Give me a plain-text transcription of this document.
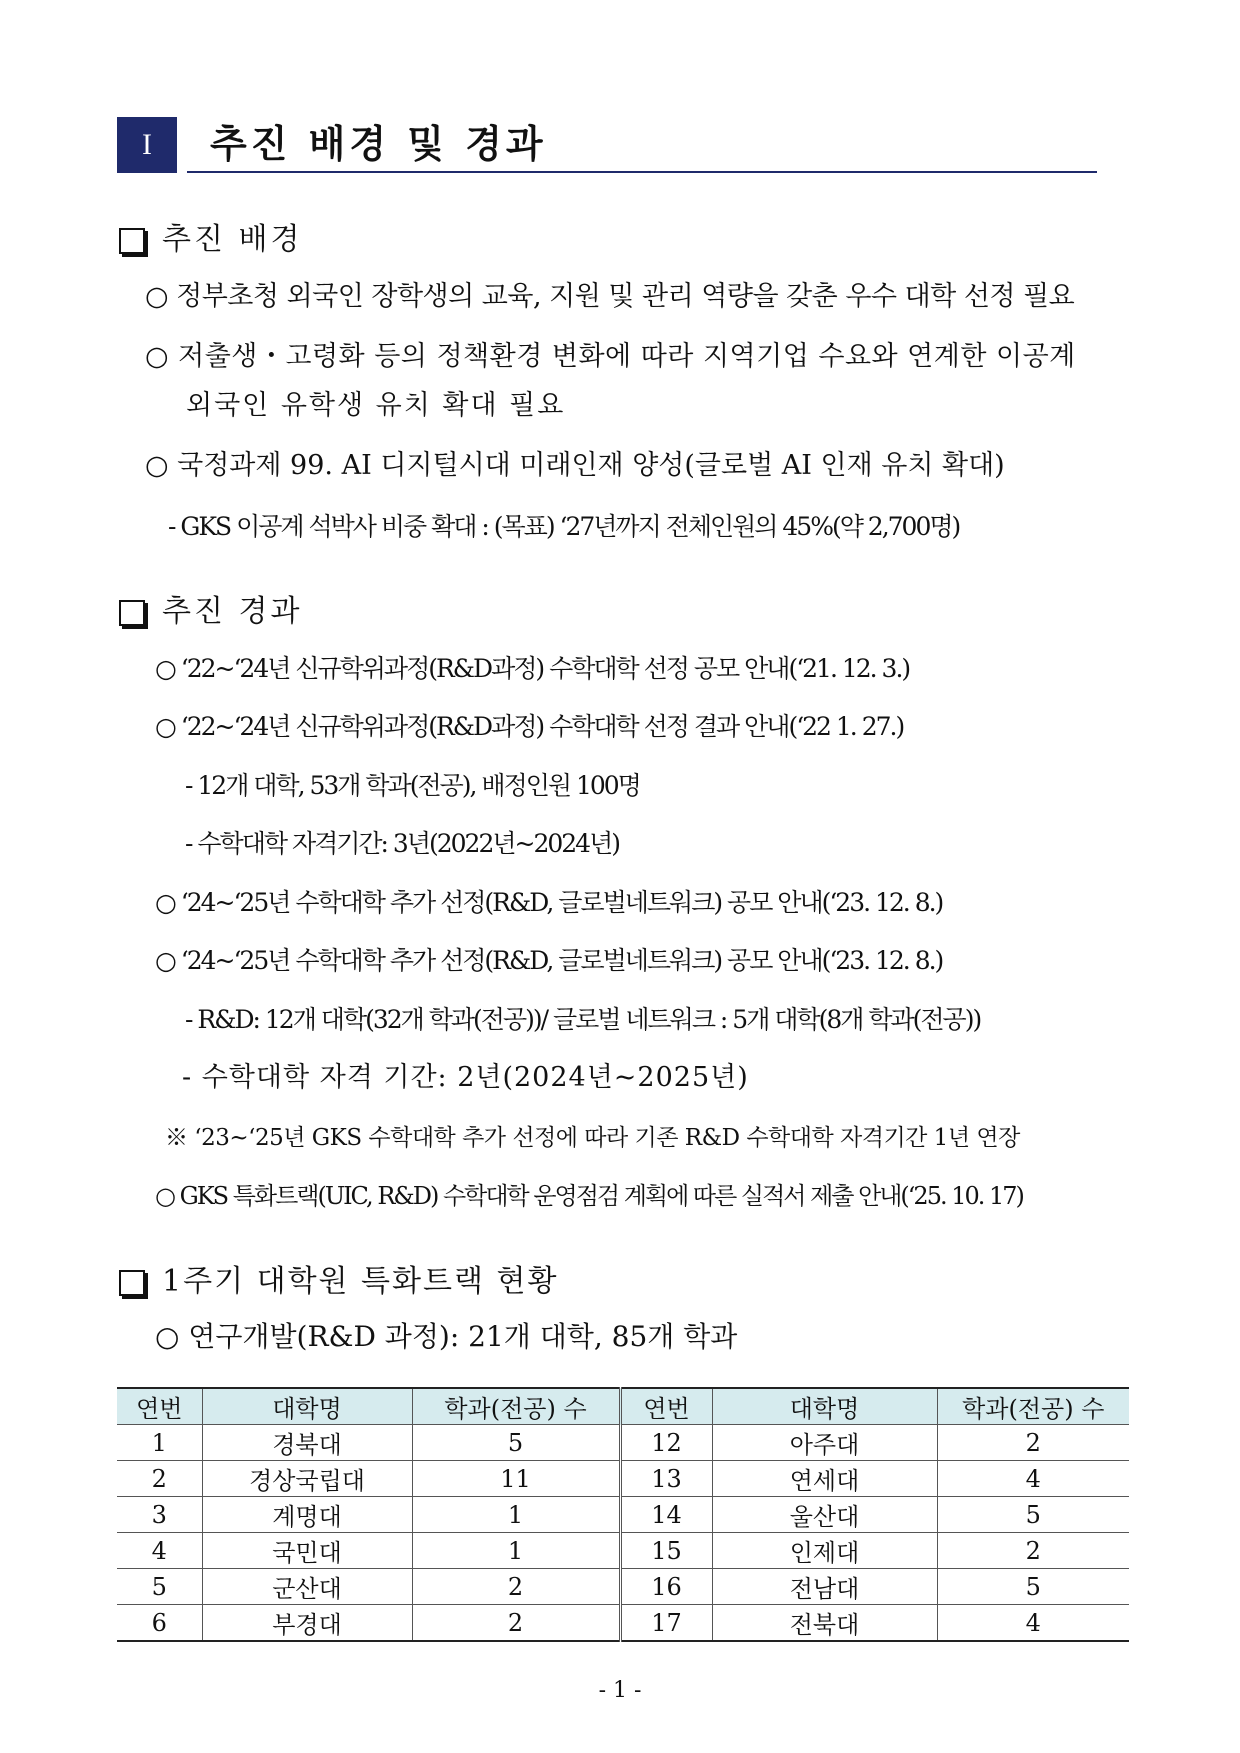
I	추진 배경 및 경과
추진 배경
○ 정부초청 외국인 장학생의 교육, 지원 및 관리 역량을 갖춘 우수 대학 선정 필요
○ 저출생・고령화 등의 정책환경 변화에 따라 지역기업 수요와 연계한 이공계
외국인 유학생 유치 확대 필요
○ 국정과제 99. AI 디지털시대 미래인재 양성(글로벌 AI 인재 유치 확대)
- GKS 이공계 석박사 비중 확대 : (목표) ‘27년까지 전체인원의 45%(약 2,700명)
추진 경과
○ ‘22~‘24년 신규학위과정(R&D과정) 수학대학 선정 공모 안내(‘21. 12. 3.)
○ ‘22~‘24년 신규학위과정(R&D과정) 수학대학 선정 결과 안내(‘22 1. 27.)
- 12개 대학, 53개 학과(전공), 배정인원 100명
- 수학대학 자격기간: 3년(2022년~2024년)
○ ‘24~‘25년 수학대학 추가 선정(R&D, 글로벌네트워크) 공모 안내(‘23. 12. 8.)
○ ‘24~‘25년 수학대학 추가 선정(R&D, 글로벌네트워크) 공모 안내(‘23. 12. 8.)
- R&D: 12개 대학(32개 학과(전공))/ 글로벌 네트워크 : 5개 대학(8개 학과(전공))
- 수학대학 자격 기간: 2년(2024년~2025년)
※ ‘23~‘25년 GKS 수학대학 추가 선정에 따라 기존 R&D 수학대학 자격기간 1년 연장
○ GKS 특화트랙(UIC, R&D) 수학대학 운영점검 계획에 따른 실적서 제출 안내(‘25. 10. 17)
1주기 대학원 특화트랙 현황
○ 연구개발(R&D 과정): 21개 대학, 85개 학과
연번	대학명	학과(전공) 수	연번	대학명	학과(전공) 수
1	경북대	5	12	아주대	2
2	경상국립대	11	13	연세대	4
3	계명대	1	14	울산대	5
4	국민대	1	15	인제대	2
5	군산대	2	16	전남대	5
6	부경대	2	17	전북대	4
- 1 -
